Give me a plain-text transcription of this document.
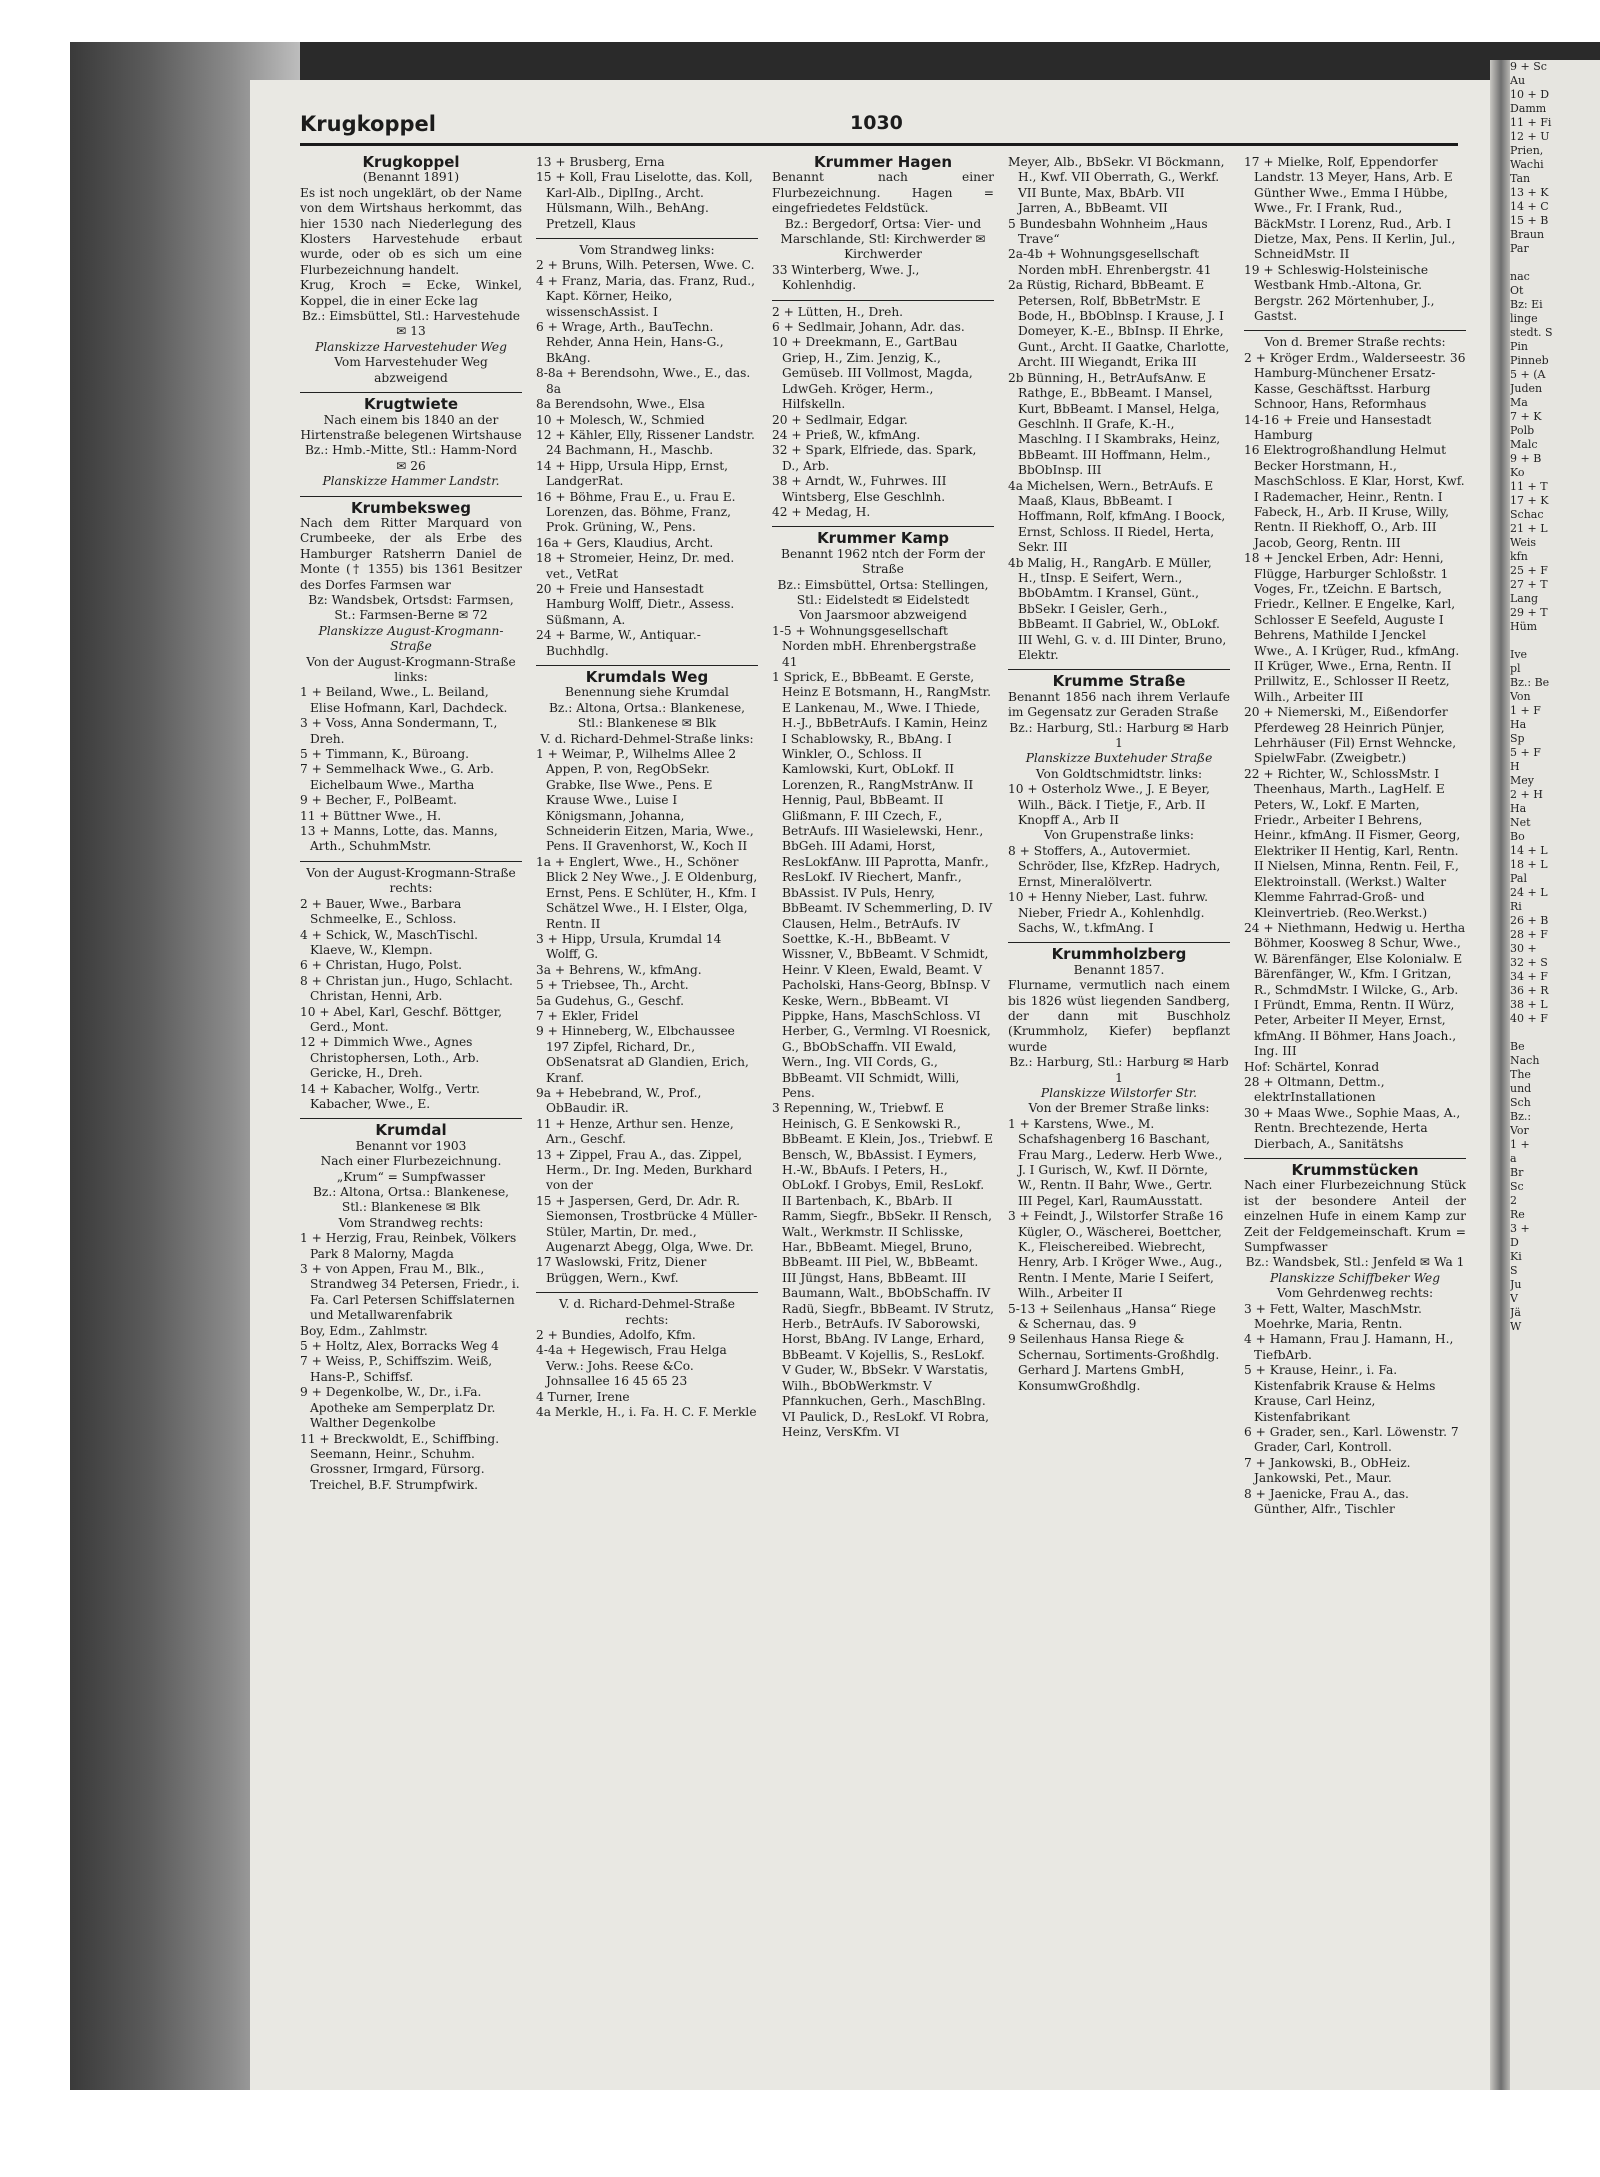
9 + Sc
Au
10 + D
Damm
11 + Fi
12 + U
Prien,
Wachi
Tan
13 + K
14 + C
15 + B
Braun
Par

nac
Ot
Bz: Ei
linge
stedt. S
Pin
Pinneb
5 + (A
Juden
Ma
7 + K
Polb
Malc
9 + B
Ko
11 + T
17 + K
Schac
21 + L
Weis
kfn
25 + F
27 + T
Lang
29 + T
Hüm

Ive
pl
Bz.: Be
Von
1 + F
Ha
Sp
5 + F
H
Mey
2 + H
Ha
Net
Bo
14 + L
18 + L
Pal
24 + L
Ri
26 + B
28 + F
30 +
32 + S
34 + F
36 + R
38 + L
40 + F

Be
Nach
The
und
Sch
Bz.:
Vor
1 +
a
Br
Sc
2
Re
3 +
D
Ki
S
Ju
V
Jä
W
Krugkoppel	1030

Krugkoppel

(Benannt 1891)

Es ist noch ungeklärt, ob der Name von dem Wirtshaus herkommt, das hier 1530 nach Niederlegung des Klosters Harvestehude erbaut wurde, oder ob es sich um eine Flurbezeichnung handelt.

Krug, Kroch = Ecke, Winkel, Koppel, die in einer Ecke lag

Bz.: Eimsbüttel, Stl.: Harvestehude ✉ 13

Planskizze Harvestehuder Weg

Vom Harvestehuder Weg abzweigend

Krugtwiete

Nach einem bis 1840 an der Hirtenstraße belegenen Wirtshause

Bz.: Hmb.-Mitte, Stl.: Hamm-Nord ✉ 26

Planskizze Hammer Landstr.

Krumbeksweg

Nach dem Ritter Marquard von Crumbeeke, der als Erbe des Hamburger Ratsherrn Daniel de Monte († 1355) bis 1361 Besitzer des Dorfes Farmsen war

Bz: Wandsbek, Ortsdst: Farmsen, St.: Farmsen-Berne ✉ 72

Planskizze August-Krogmann-Straße

Von der August-Krogmann-Straße links:

1 + Beiland, Wwe., L. Beiland, Elise Hofmann, Karl, Dachdeck.

3 + Voss, Anna Sondermann, T., Dreh.

5 + Timmann, K., Büroang.

7 + Semmelhack Wwe., G. Arb. Eichelbaum Wwe., Martha

9 + Becher, F., PolBeamt.

11 + Büttner Wwe., H.

13 + Manns, Lotte, das. Manns, Arth., SchuhmMstr.

Von der August-Krogmann-Straße rechts:

2 + Bauer, Wwe., Barbara Schmeelke, E., Schloss.

4 + Schick, W., MaschTischl. Klaeve, W., Klempn.

6 + Christan, Hugo, Polst.

8 + Christan jun., Hugo, Schlacht. Christan, Henni, Arb.

10 + Abel, Karl, Geschf. Böttger, Gerd., Mont.

12 + Dimmich Wwe., Agnes Christophersen, Loth., Arb. Gericke, H., Dreh.

14 + Kabacher, Wolfg., Vertr. Kabacher, Wwe., E.

Krumdal

Benannt vor 1903

Nach einer Flurbezeichnung. „Krum“ = Sumpfwasser

Bz.: Altona, Ortsa.: Blankenese, Stl.: Blankenese ✉ Blk

Vom Strandweg rechts:

1 + Herzig, Frau, Reinbek, Völkers Park 8 Malorny, Magda

3 + von Appen, Frau M., Blk., Strandweg 34 Petersen, Friedr., i. Fa. Carl Petersen Schiffslaternen und Metallwarenfabrik

Boy, Edm., Zahlmstr.

5 + Holtz, Alex, Borracks Weg 4

7 + Weiss, P., Schiffszim. Weiß, Hans-P., Schiffsf.

9 + Degenkolbe, W., Dr., i.Fa. Apotheke am Semperplatz Dr. Walther Degenkolbe

11 + Breckwoldt, E., Schiffbing. Seemann, Heinr., Schuhm. Grossner, Irmgard, Fürsorg. Treichel, B.F. Strumpfwirk.

13 + Brusberg, Erna

15 + Koll, Frau Liselotte, das. Koll, Karl-Alb., DiplIng., Archt. Hülsmann, Wilh., BehAng. Pretzell, Klaus

Vom Strandweg links:

2 + Bruns, Wilh. Petersen, Wwe. C.

4 + Franz, Maria, das. Franz, Rud., Kapt. Körner, Heiko, wissenschAssist. I

6 + Wrage, Arth., BauTechn. Rehder, Anna Hein, Hans-G., BkAng.

8-8a + Berendsohn, Wwe., E., das. 8a

8a Berendsohn, Wwe., Elsa

10 + Molesch, W., Schmied

12 + Kähler, Elly, Rissener Landstr. 24 Bachmann, H., Maschb.

14 + Hipp, Ursula Hipp, Ernst, LandgerRat.

16 + Böhme, Frau E., u. Frau E. Lorenzen, das. Böhme, Franz, Prok. Grüning, W., Pens.

16a + Gers, Klaudius, Archt.

18 + Stromeier, Heinz, Dr. med. vet., VetRat

20 + Freie und Hansestadt Hamburg Wolff, Dietr., Assess. Süßmann, A.

24 + Barme, W., Antiquar.-Buchhdlg.

Krumdals Weg

Benennung siehe Krumdal

Bz.: Altona, Ortsa.: Blankenese, Stl.: Blankenese ✉ Blk

V. d. Richard-Dehmel-Straße links:

1 + Weimar, P., Wilhelms Allee 2 Appen, P. von, RegObSekr. Grabke, Ilse Wwe., Pens. E Krause Wwe., Luise I Königsmann, Johanna, Schneiderin Eitzen, Maria, Wwe., Pens. II Gravenhorst, W., Koch II

1a + Englert, Wwe., H., Schöner Blick 2 Ney Wwe., J. E Oldenburg, Ernst, Pens. E Schlüter, H., Kfm. I Schätzel Wwe., H. I Elster, Olga, Rentn. II

3 + Hipp, Ursula, Krumdal 14 Wolff, G.

3a + Behrens, W., kfmAng.

5 + Triebsee, Th., Archt.

5a Gudehus, G., Geschf.

7 + Ekler, Fridel

9 + Hinneberg, W., Elbchaussee 197 Zipfel, Richard, Dr., ObSenatsrat aD Glandien, Erich, Kranf.

9a + Hebebrand, W., Prof., ObBaudir. iR.

11 + Henze, Arthur sen. Henze, Arn., Geschf.

13 + Zippel, Frau A., das. Zippel, Herm., Dr. Ing. Meden, Burkhard von der

15 + Jaspersen, Gerd, Dr. Adr. R. Siemonsen, Trostbrücke 4 Müller-Stüler, Martin, Dr. med., Augenarzt Abegg, Olga, Wwe. Dr.

17 Waslowski, Fritz, Diener Brüggen, Wern., Kwf.

V. d. Richard-Dehmel-Straße rechts:

2 + Bundies, Adolfo, Kfm.

4-4a + Hegewisch, Frau Helga Verw.: Johs. Reese &Co. Johnsallee 16 45 65 23

4 Turner, Irene

4a Merkle, H., i. Fa. H. C. F. Merkle

Krummer Hagen

Benannt nach einer Flurbezeichnung. Hagen = eingefriedetes Feldstück.

Bz.: Bergedorf, Ortsa: Vier- und Marschlande, Stl: Kirchwerder ✉ Kirchwerder

33 Winterberg, Wwe. J., Kohlenhdig.

2 + Lütten, H., Dreh.

6 + Sedlmair, Johann, Adr. das.

10 + Dreekmann, E., GartBau Griep, H., Zim. Jenzig, K., Gemüseb. III Vollmost, Magda, LdwGeh. Kröger, Herm., Hilfskelln.

20 + Sedlmair, Edgar.

24 + Prieß, W., kfmAng.

32 + Spark, Elfriede, das. Spark, D., Arb.

38 + Arndt, W., Fuhrwes. III Wintsberg, Else Geschlnh.

42 + Medag, H.

Krummer Kamp

Benannt 1962 ntch der Form der Straße

Bz.: Eimsbüttel, Ortsa: Stellingen, Stl.: Eidelstedt ✉ Eidelstedt

Von Jaarsmoor abzweigend

1-5 + Wohnungsgesellschaft Norden mbH. Ehrenbergstraße 41

1 Sprick, E., BbBeamt. E Gerste, Heinz E Botsmann, H., RangMstr. E Lankenau, M., Wwe. I Thiede, H.-J., BbBetrAufs. I Kamin, Heinz I Schablowsky, R., BbAng. I Winkler, O., Schloss. II Kamlowski, Kurt, ObLokf. II Lorenzen, R., RangMstrAnw. II Hennig, Paul, BbBeamt. II Glißmann, F. III Czech, F., BetrAufs. III Wasielewski, Henr., BbGeh. III Adami, Horst, ResLokfAnw. III Paprotta, Manfr., ResLokf. IV Riechert, Manfr., BbAssist. IV Puls, Henry, BbBeamt. IV Schemmerling, D. IV Clausen, Helm., BetrAufs. IV Soettke, K.-H., BbBeamt. V Wissner, V., BbBeamt. V Schmidt, Heinr. V Kleen, Ewald, Beamt. V Pacholski, Hans-Georg, BbInsp. V Keske, Wern., BbBeamt. VI Pippke, Hans, MaschSchloss. VI Herber, G., Vermlng. VI Roesnick, G., BbObSchaffn. VII Ewald, Wern., Ing. VII Cords, G., BbBeamt. VII Schmidt, Willi, Pens.

3 Repenning, W., Triebwf. E Heinisch, G. E Senkowski R., BbBeamt. E Klein, Jos., Triebwf. E Bensch, W., BbAssist. I Eymers, H.-W., BbAufs. I Peters, H., ObLokf. I Grobys, Emil, ResLokf. II Bartenbach, K., BbArb. II Ramm, Siegfr., BbSekr. II Rensch, Walt., Werkmstr. II Schlisske, Har., BbBeamt. Miegel, Bruno, BbBeamt. III Piel, W., BbBeamt. III Jüngst, Hans, BbBeamt. III Baumann, Walt., BbObSchaffn. IV Radü, Siegfr., BbBeamt. IV Strutz, Herb., BetrAufs. IV Saborowski, Horst, BbAng. IV Lange, Erhard, BbBeamt. V Kojellis, S., ResLokf. V Guder, W., BbSekr. V Warstatis, Wilh., BbObWerkmstr. V Pfannkuchen, Gerh., MaschBlng. VI Paulick, D., ResLokf. VI Robra, Heinz, VersKfm. VI

Meyer, Alb., BbSekr. VI Böckmann, H., Kwf. VII Oberrath, G., Werkf. VII Bunte, Max, BbArb. VII Jarren, A., BbBeamt. VII

5 Bundesbahn Wohnheim „Haus Trave“

2a-4b + Wohnungsgesellschaft Norden mbH. Ehrenbergstr. 41

2a Rüstig, Richard, BbBeamt. E Petersen, Rolf, BbBetrMstr. E Bode, H., BbOblnsp. I Krause, J. I Domeyer, K.-E., BbInsp. II Ehrke, Gunt., Archt. II Gaatke, Charlotte, Archt. III Wiegandt, Erika III

2b Bünning, H., BetrAufsAnw. E Rathge, E., BbBeamt. I Mansel, Kurt, BbBeamt. I Mansel, Helga, Geschlnh. II Grafe, K.-H., Maschlng. I I Skambraks, Heinz, BbBeamt. III Hoffmann, Helm., BbObInsp. III

4a Michelsen, Wern., BetrAufs. E Maaß, Klaus, BbBeamt. I Hoffmann, Rolf, kfmAng. I Boock, Ernst, Schloss. II Riedel, Herta, Sekr. III

4b Malig, H., RangArb. E Müller, H., tInsp. E Seifert, Wern., BbObAmtm. I Kransel, Günt., BbSekr. I Geisler, Gerh., BbBeamt. II Gabriel, W., ObLokf. III Wehl, G. v. d. III Dinter, Bruno, Elektr.

Krumme Straße

Benannt 1856 nach ihrem Verlaufe im Gegensatz zur Geraden Straße

Bz.: Harburg, Stl.: Harburg ✉ Harb 1

Planskizze Buxtehuder Straße

Von Goldtschmidtstr. links:

10 + Osterholz Wwe., J. E Beyer, Wilh., Bäck. I Tietje, F., Arb. II Knopff A., Arb II

Von Grupenstraße links:

8 + Stoffers, A., Autovermiet. Schröder, Ilse, KfzRep. Hadrych, Ernst, Mineralölvertr.

10 + Henny Nieber, Last. fuhrw. Nieber, Friedr A., Kohlenhdlg. Sachs, W., t.kfmAng. I

Krummholzberg

Benannt 1857.

Flurname, vermutlich nach einem bis 1826 wüst liegenden Sandberg, der dann mit Buschholz (Krummholz, Kiefer) bepflanzt wurde

Bz.: Harburg, Stl.: Harburg ✉ Harb 1

Planskizze Wilstorfer Str.

Von der Bremer Straße links:

1 + Karstens, Wwe., M. Schafshagenberg 16 Baschant, Frau Marg., Lederw. Herb Wwe., J. I Gurisch, W., Kwf. II Dörnte, W., Rentn. II Bahr, Wwe., Gertr. III Pegel, Karl, RaumAusstatt.

3 + Feindt, J., Wilstorfer Straße 16 Kügler, O., Wäscherei, Boettcher, K., Fleischereibed. Wiebrecht, Henry, Arb. I Kröger Wwe., Aug., Rentn. I Mente, Marie I Seifert, Wilh., Arbeiter II

5-13 + Seilenhaus „Hansa“ Riege & Schernau, das. 9

9 Seilenhaus Hansa Riege & Schernau, Sortiments-Großhdlg. Gerhard J. Martens GmbH, KonsumwGroßhdlg.

17 + Mielke, Rolf, Eppendorfer Landstr. 13 Meyer, Hans, Arb. E Günther Wwe., Emma I Hübbe, Wwe., Fr. I Frank, Rud., BäckMstr. I Lorenz, Rud., Arb. I Dietze, Max, Pens. II Kerlin, Jul., SchneidMstr. II

19 + Schleswig-Holsteinische Westbank Hmb.-Altona, Gr. Bergstr. 262 Mörtenhuber, J., Gastst.

Von d. Bremer Straße rechts:

2 + Kröger Erdm., Walderseestr. 36 Hamburg-Münchener Ersatz-Kasse, Geschäftsst. Harburg Schnoor, Hans, Reformhaus

14-16 + Freie und Hansestadt Hamburg

16 Elektrogroßhandlung Helmut Becker Horstmann, H., MaschSchloss. E Klar, Horst, Kwf. I Rademacher, Heinr., Rentn. I Fabeck, H., Arb. II Kruse, Willy, Rentn. II Riekhoff, O., Arb. III Jacob, Georg, Rentn. III

18 + Jenckel Erben, Adr: Henni, Flügge, Harburger Schloßstr. 1 Voges, Fr., tZeichn. E Bartsch, Friedr., Kellner. E Engelke, Karl, Schlosser E Seefeld, Auguste I Behrens, Mathilde I Jenckel Wwe., A. I Krüger, Rud., kfmAng. II Krüger, Wwe., Erna, Rentn. II Prillwitz, E., Schlosser II Reetz, Wilh., Arbeiter III

20 + Niemerski, M., Eißendorfer Pferdeweg 28 Heinrich Pünjer, Lehrhäuser (Fil) Ernst Wehncke, SpielwFabr. (Zweigbetr.)

22 + Richter, W., SchlossMstr. I Theenhaus, Marth., LagHelf. E Peters, W., Lokf. E Marten, Friedr., Arbeiter I Behrens, Heinr., kfmAng. II Fismer, Georg, Elektriker II Hentig, Karl, Rentn. II Nielsen, Minna, Rentn. Feil, F., Elektroinstall. (Werkst.) Walter Klemme Fahrrad-Groß- und Kleinvertrieb. (Reo.Werkst.)

24 + Niethmann, Hedwig u. Hertha Böhmer, Koosweg 8 Schur, Wwe., W. Bärenfänger, Else Kolonialw. E Bärenfänger, W., Kfm. I Gritzan, R., SchmdMstr. I Wilcke, G., Arb. I Fründt, Emma, Rentn. II Würz, Peter, Arbeiter II Meyer, Ernst, kfmAng. II Böhmer, Hans Joach., Ing. III

Hof: Schärtel, Konrad

28 + Oltmann, Dettm., elektrInstallationen

30 + Maas Wwe., Sophie Maas, A., Rentn. Brechtezende, Herta Dierbach, A., Sanitätshs

Krummstücken

Nach einer Flurbezeichnung Stück ist der besondere Anteil der einzelnen Hufe in einem Kamp zur Zeit der Feldgemeinschaft. Krum = Sumpfwasser

Bz.: Wandsbek, Stl.: Jenfeld ✉ Wa 1

Planskizze Schiffbeker Weg

Vom Gehrdenweg rechts:

3 + Fett, Walter, MaschMstr. Moehrke, Maria, Rentn.

4 + Hamann, Frau J. Hamann, H., TiefbArb.

5 + Krause, Heinr., i. Fa. Kistenfabrik Krause & Helms Krause, Carl Heinz, Kistenfabrikant

6 + Grader, sen., Karl. Löwenstr. 7 Grader, Carl, Kontroll.

7 + Jankowski, B., ObHeiz. Jankowski, Pet., Maur.

8 + Jaenicke, Frau A., das. Günther, Alfr., Tischler
